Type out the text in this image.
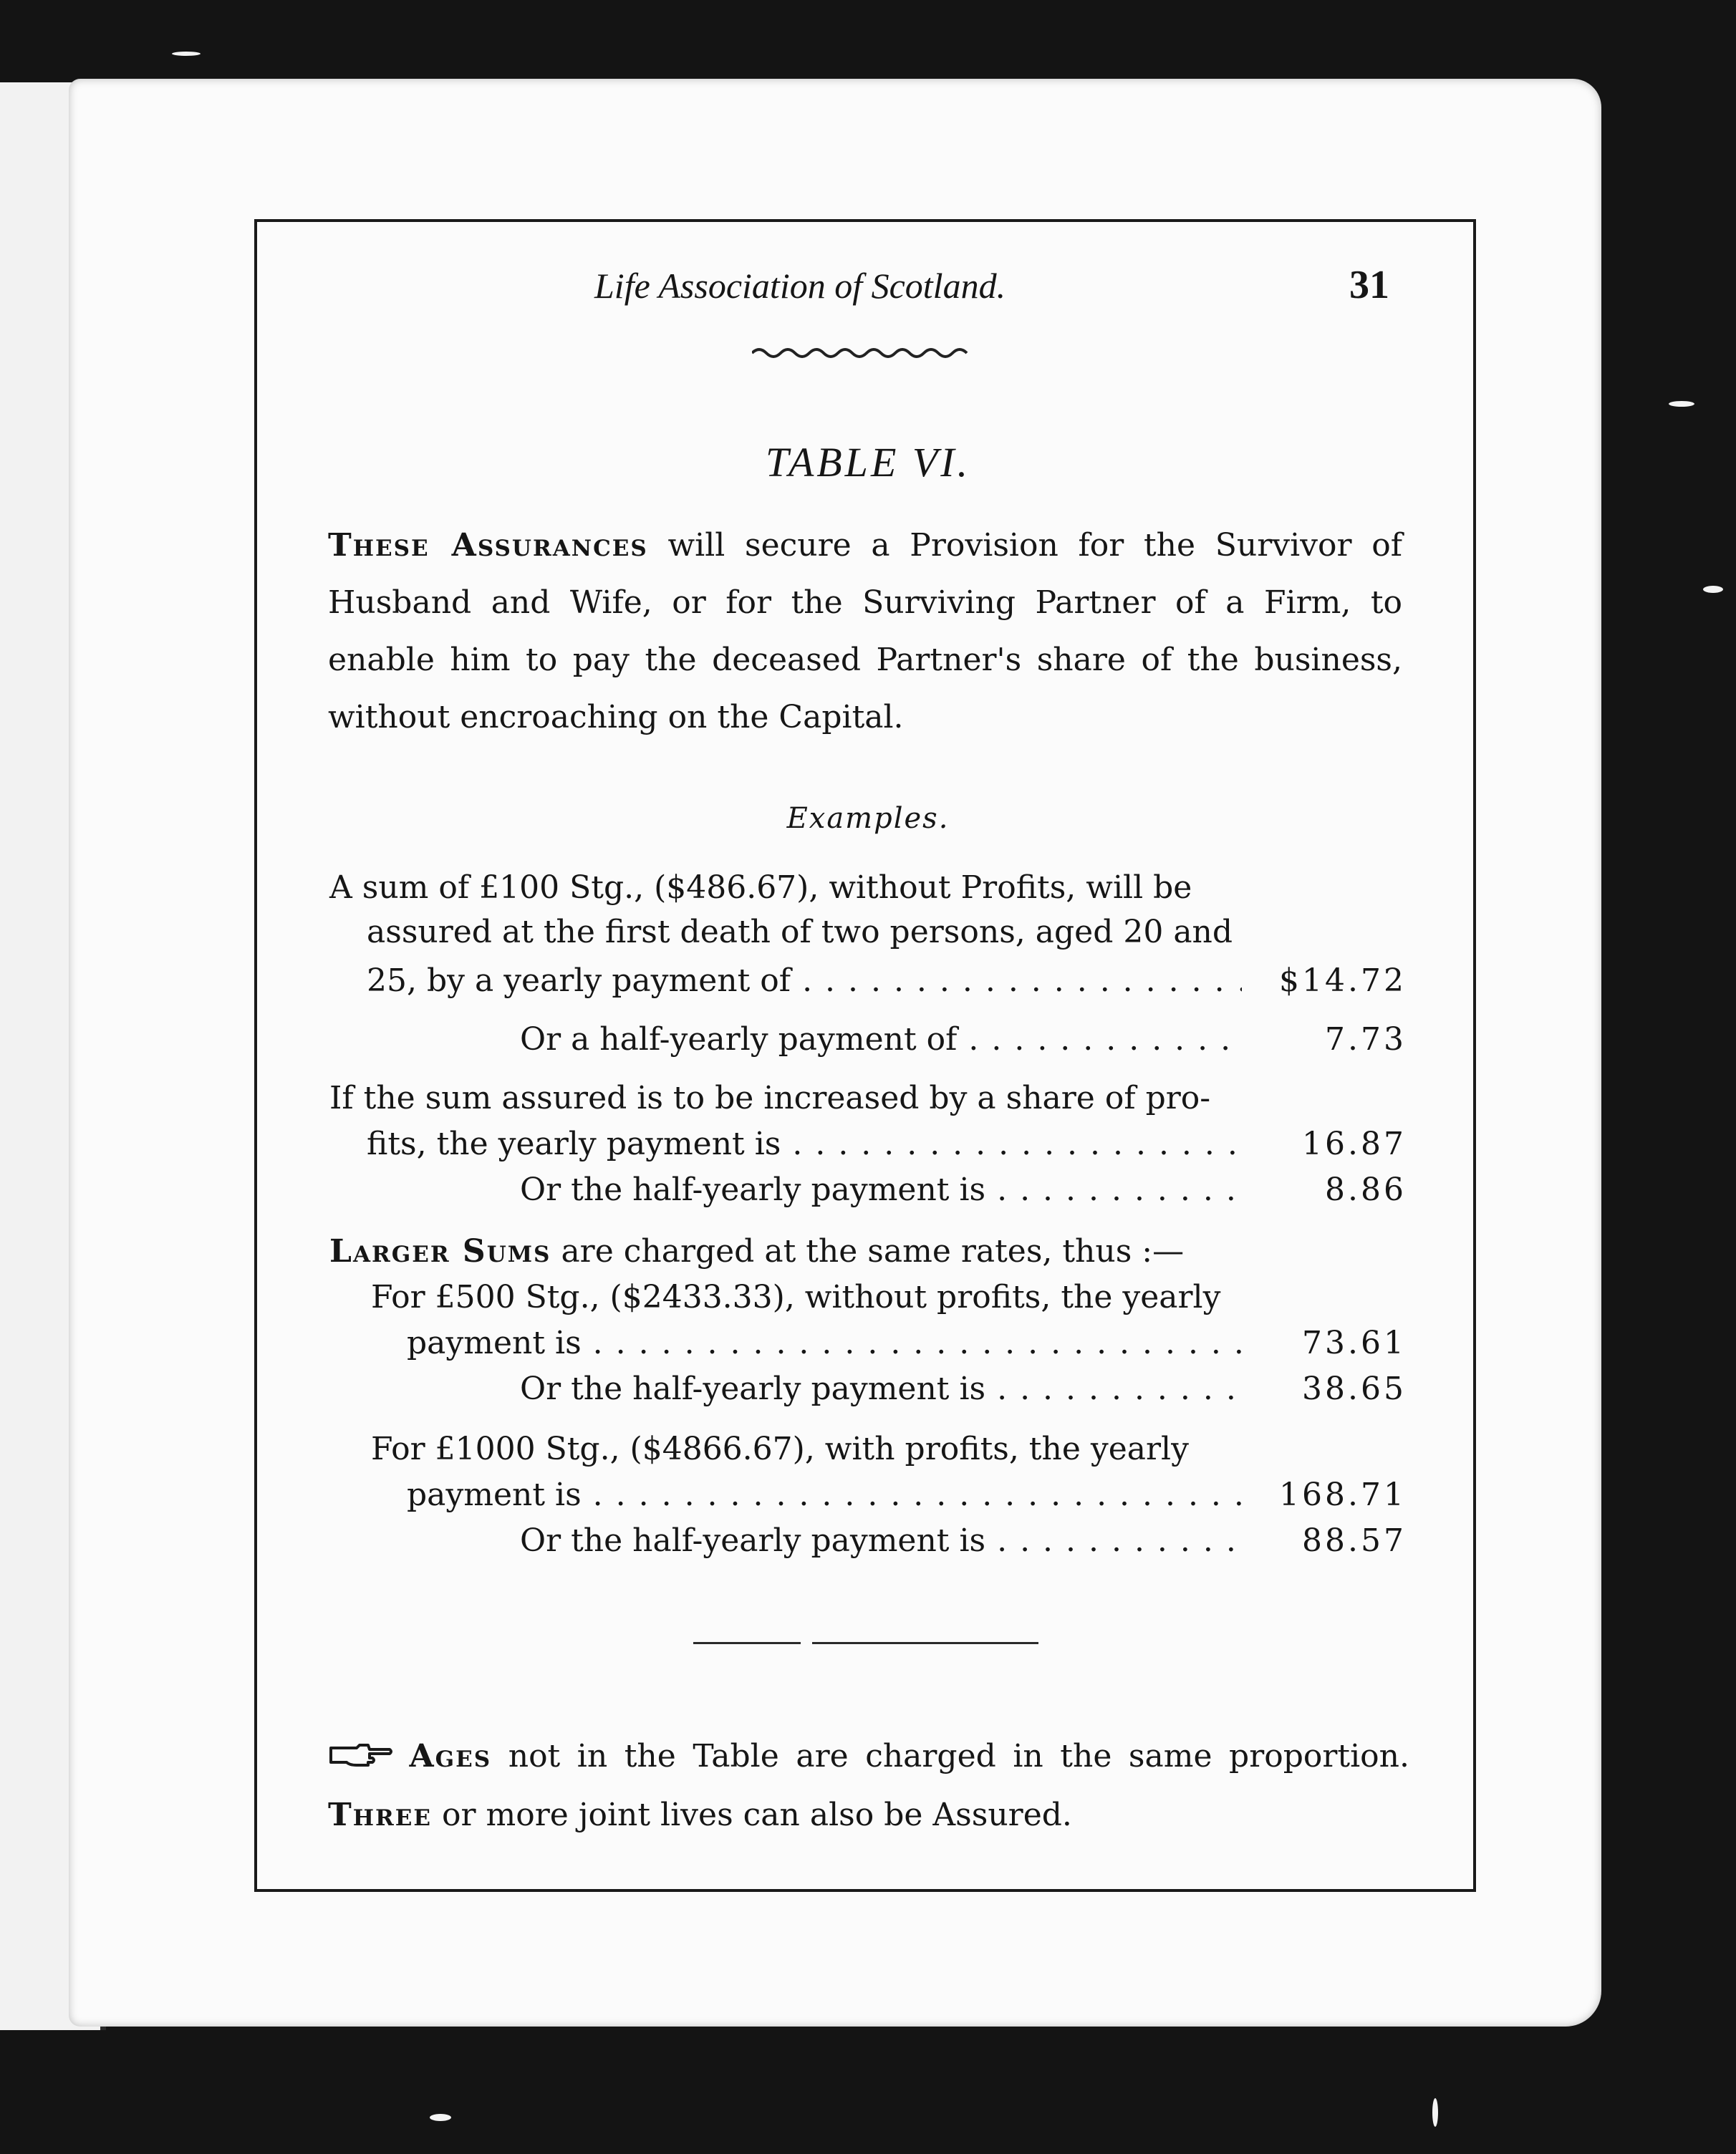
Life Association of Scotland.	31
TABLE VI.
These Assurances will secure a Provision for the Survivor of Husband and Wife, or for the Surviving Partner of a Firm, to enable him to pay the deceased Partner's share of the business, without encroaching on the Capital.
Examples.
A sum of £100 Stg., ($486.67), without Profits, will be
assured at the first death of two persons, aged 20 and
25, by a yearly payment of . . .	$14.72
Or a half-yearly payment of . . .	7.73
If the sum assured is to be increased by a share of pro-
fits, the yearly payment is . . .	16.87
Or the half-yearly payment is . . .	8.86
Larger Sums are charged at the same rates, thus :—
For £500 Stg., ($2433.33), without profits, the yearly
payment is . . .	73.61
Or the half-yearly payment is . . .	38.65
For £1000 Stg., ($4866.67), with profits, the yearly
payment is . . .	168.71
Or the half-yearly payment is . . .	88.57
Ages not in the Table are charged in the same proportion. Three or more joint lives can also be Assured.
